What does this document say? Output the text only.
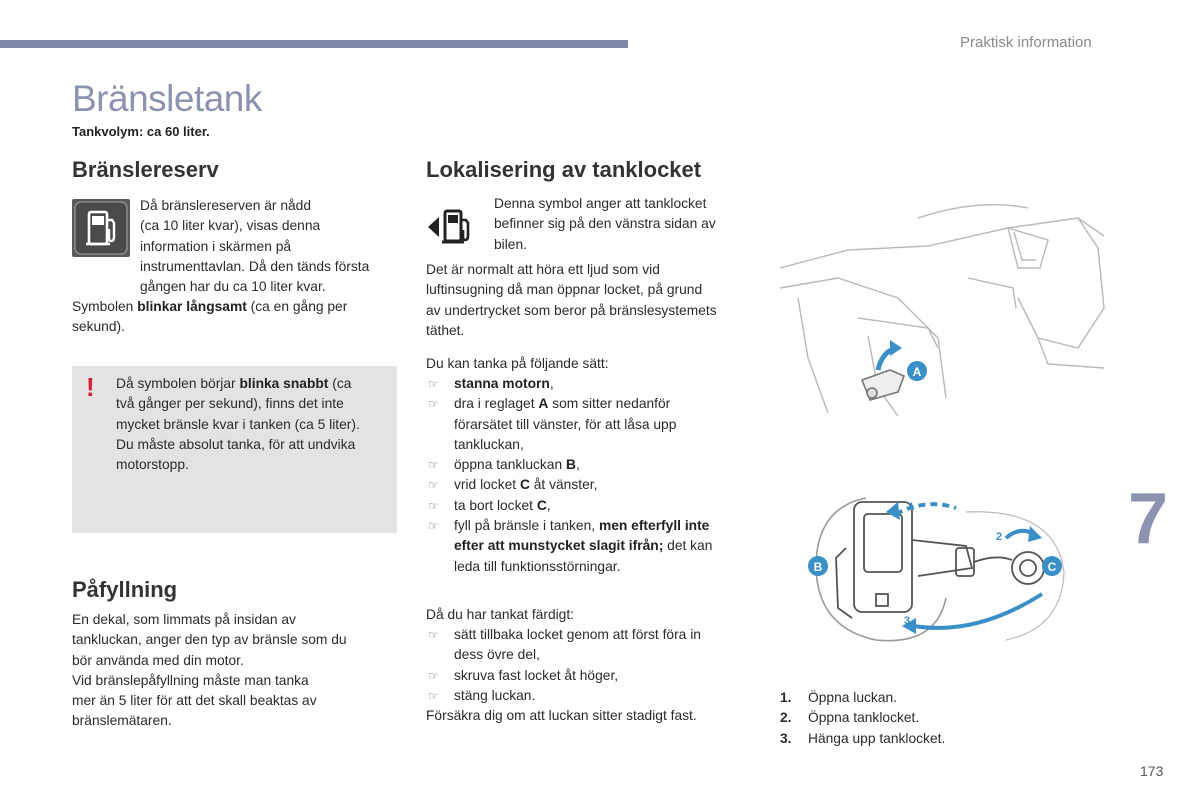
Praktisk information
Bränsletank
Tankvolym: ca 60 liter.
Bränslereserv
Då bränslereserven är nådd
(ca 10 liter kvar), visas denna
information i skärmen på
instrumenttavlan. Då den tänds första
gången har du ca 10 liter kvar.
Symbolen blinkar långsamt (ca en gång per
sekund).
! Då symbolen börjar blinka snabbt (ca
två gånger per sekund), finns det inte
mycket bränsle kvar i tanken (ca 5 liter).
Du måste absolut tanka, för att undvika
motorstopp.
Påfyllning
En dekal, som limmats på insidan av
tankluckan, anger den typ av bränsle som du
bör använda med din motor.
Vid bränslepåfyllning måste man tanka
mer än 5 liter för att det skall beaktas av
bränslemätaren.
Lokalisering av tanklocket
Denna symbol anger att tanklocket
befinner sig på den vänstra sidan av
bilen.
Det är normalt att höra ett ljud som vid
luftinsugning då man öppnar locket, på grund
av undertrycket som beror på bränslesystemets
täthet.
Du kan tanka på följande sätt:
☞ stanna motorn,
☞ dra i reglaget A som sitter nedanför
förarsätet till vänster, för att låsa upp
tankluckan,
☞ öppna tankluckan B,
☞ vrid locket C åt vänster,
☞ ta bort locket C,
☞ fyll på bränsle i tanken, men efterfyll inte
efter att munstycket slagit ifrån; det kan
leda till funktionsstörningar.
Då du har tankat färdigt:
☞ sätt tillbaka locket genom att först föra in
dess övre del,
☞ skruva fast locket åt höger,
☞ stäng luckan.
Försäkra dig om att luckan sitter stadigt fast.
A
B	C
1
2
3
1. Öppna luckan.
2. Öppna tanklocket.
3. Hänga upp tanklocket.
7
173
